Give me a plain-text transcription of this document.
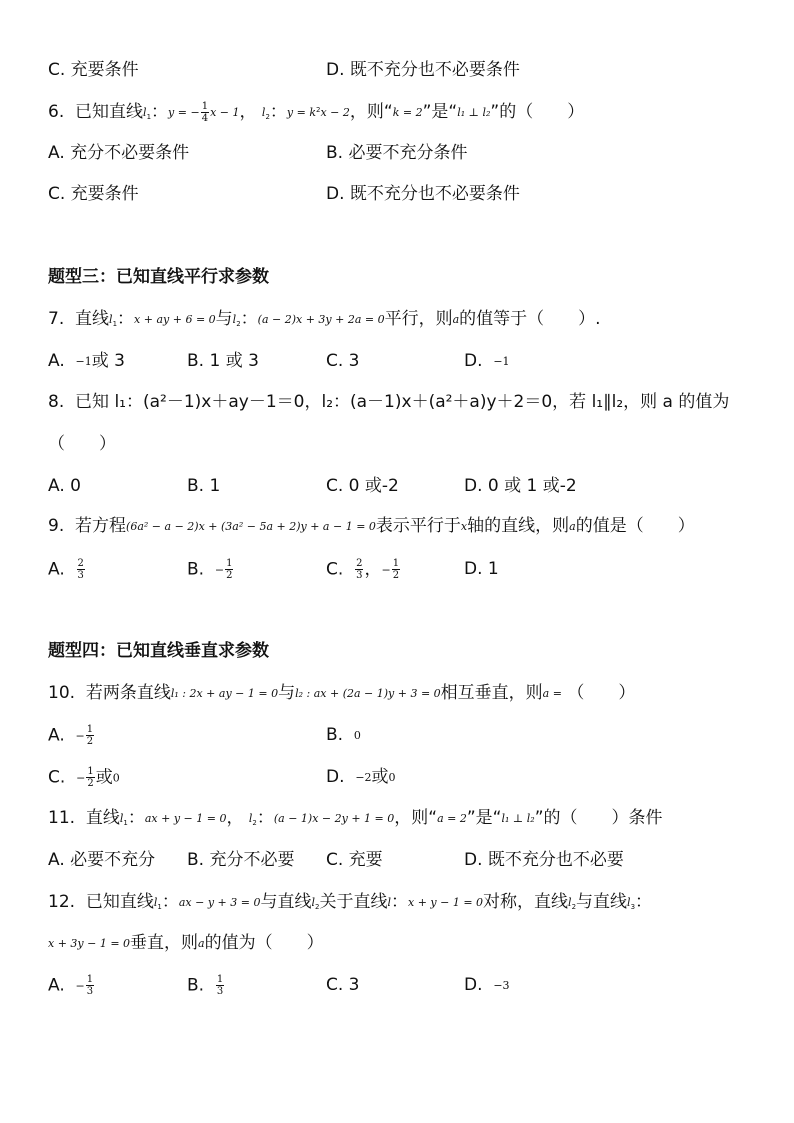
C. 充要条件	D. 既不充分也不必要条件
6. 已知直线$l_1$：y = − $\frac{1}{4}$ x − 1， $l_2$：$y = k^2x - 2$，则“k = 2”是“l₁ ⊥ l₂”的（　　）
A. 充分不必要条件	B. 必要不充分条件
C. 充要条件	D. 既不充分也不必要条件
题型三：已知直线平行求参数
7. 直线$l_1$：x + ay + 6 = 0与$l_2$：(a − 2)x + 3y + 2a = 0平行，则a的值等于（　　）.
A. −1或 3	B. 1 或 3	C. 3	D. −1
8. 已知 l₁：(a²－1)x＋ay－1＝0，l₂：(a－1)x＋(a²＋a)y＋2＝0，若 l₁∥l₂，则 a 的值为
（　　）
A. 0	B. 1	C. 0 或-2	D. 0 或 1 或-2
9. 若方程(6a² − a − 2)x + (3a² − 5a + 2)y + a − 1 = 0表示平行于x轴的直线，则a的值是（　　）
A. $\frac{2}{3}$	B. − $\frac{1}{2}$	C. $\frac{2}{3}$ ，− $\frac{1}{2}$	D. 1
题型四：已知直线垂直求参数
10. 若两条直线l₁ : 2x + ay − 1 = 0与l₂ : ax + (2a − 1)y + 3 = 0相互垂直，则a = （　　）
A. − $\frac{1}{2}$	B. 0
C. − $\frac{1}{2}$ 或0	D. −2或0
11. 直线$l_1$：ax + y − 1 = 0， $l_2$：(a − 1)x − 2y + 1 = 0，则“a = 2”是“l₁ ⊥ l₂”的（　　）条件
A. 必要不充分 B. 充分不必要 C. 充要	D. 既不充分也不必要
12. 已知直线$l_1$：ax − y + 3 = 0与直线$l_2$关于直线l：x + y − 1 = 0对称，直线$l_2$与直线$l_3$：
x + 3y − 1 = 0垂直，则a的值为（　　）
A. − $\frac{1}{3}$	B. $\frac{1}{3}$	C. 3	D. −3
